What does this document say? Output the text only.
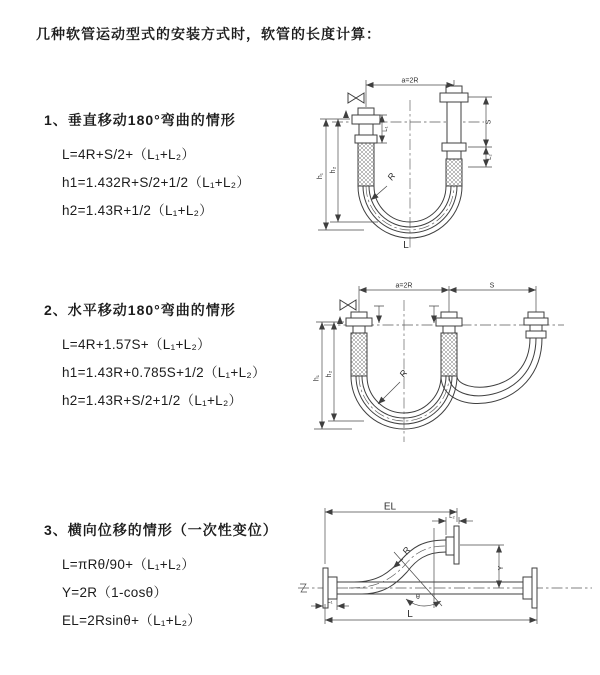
几种软管运动型式的安装方式时，软管的长度计算：
1、垂直移动180°弯曲的情形
L=4R+S/2+（L₁+L₂）
h1=1.432R+S/2+1/2（L₁+L₂）
h2=1.43R+1/2（L₁+L₂）
2、水平移动180°弯曲的情形
L=4R+1.57S+（L₁+L₂）
h1=1.43R+0.785S+1/2（L₁+L₂）
h2=1.43R+S/2+1/2（L₁+L₂）
3、横向位移的情形（一次性变位）
L=πRθ/90+（L₁+L₂）
Y=2R（1-cosθ）
EL=2Rsinθ+（L₁+L₂）
a=2R
h₁
h₂
S
L₂
L₁
R
L
a=2R	S
h₁
h₂	R
θ
EL
L₂
Y
L
L₁
R
